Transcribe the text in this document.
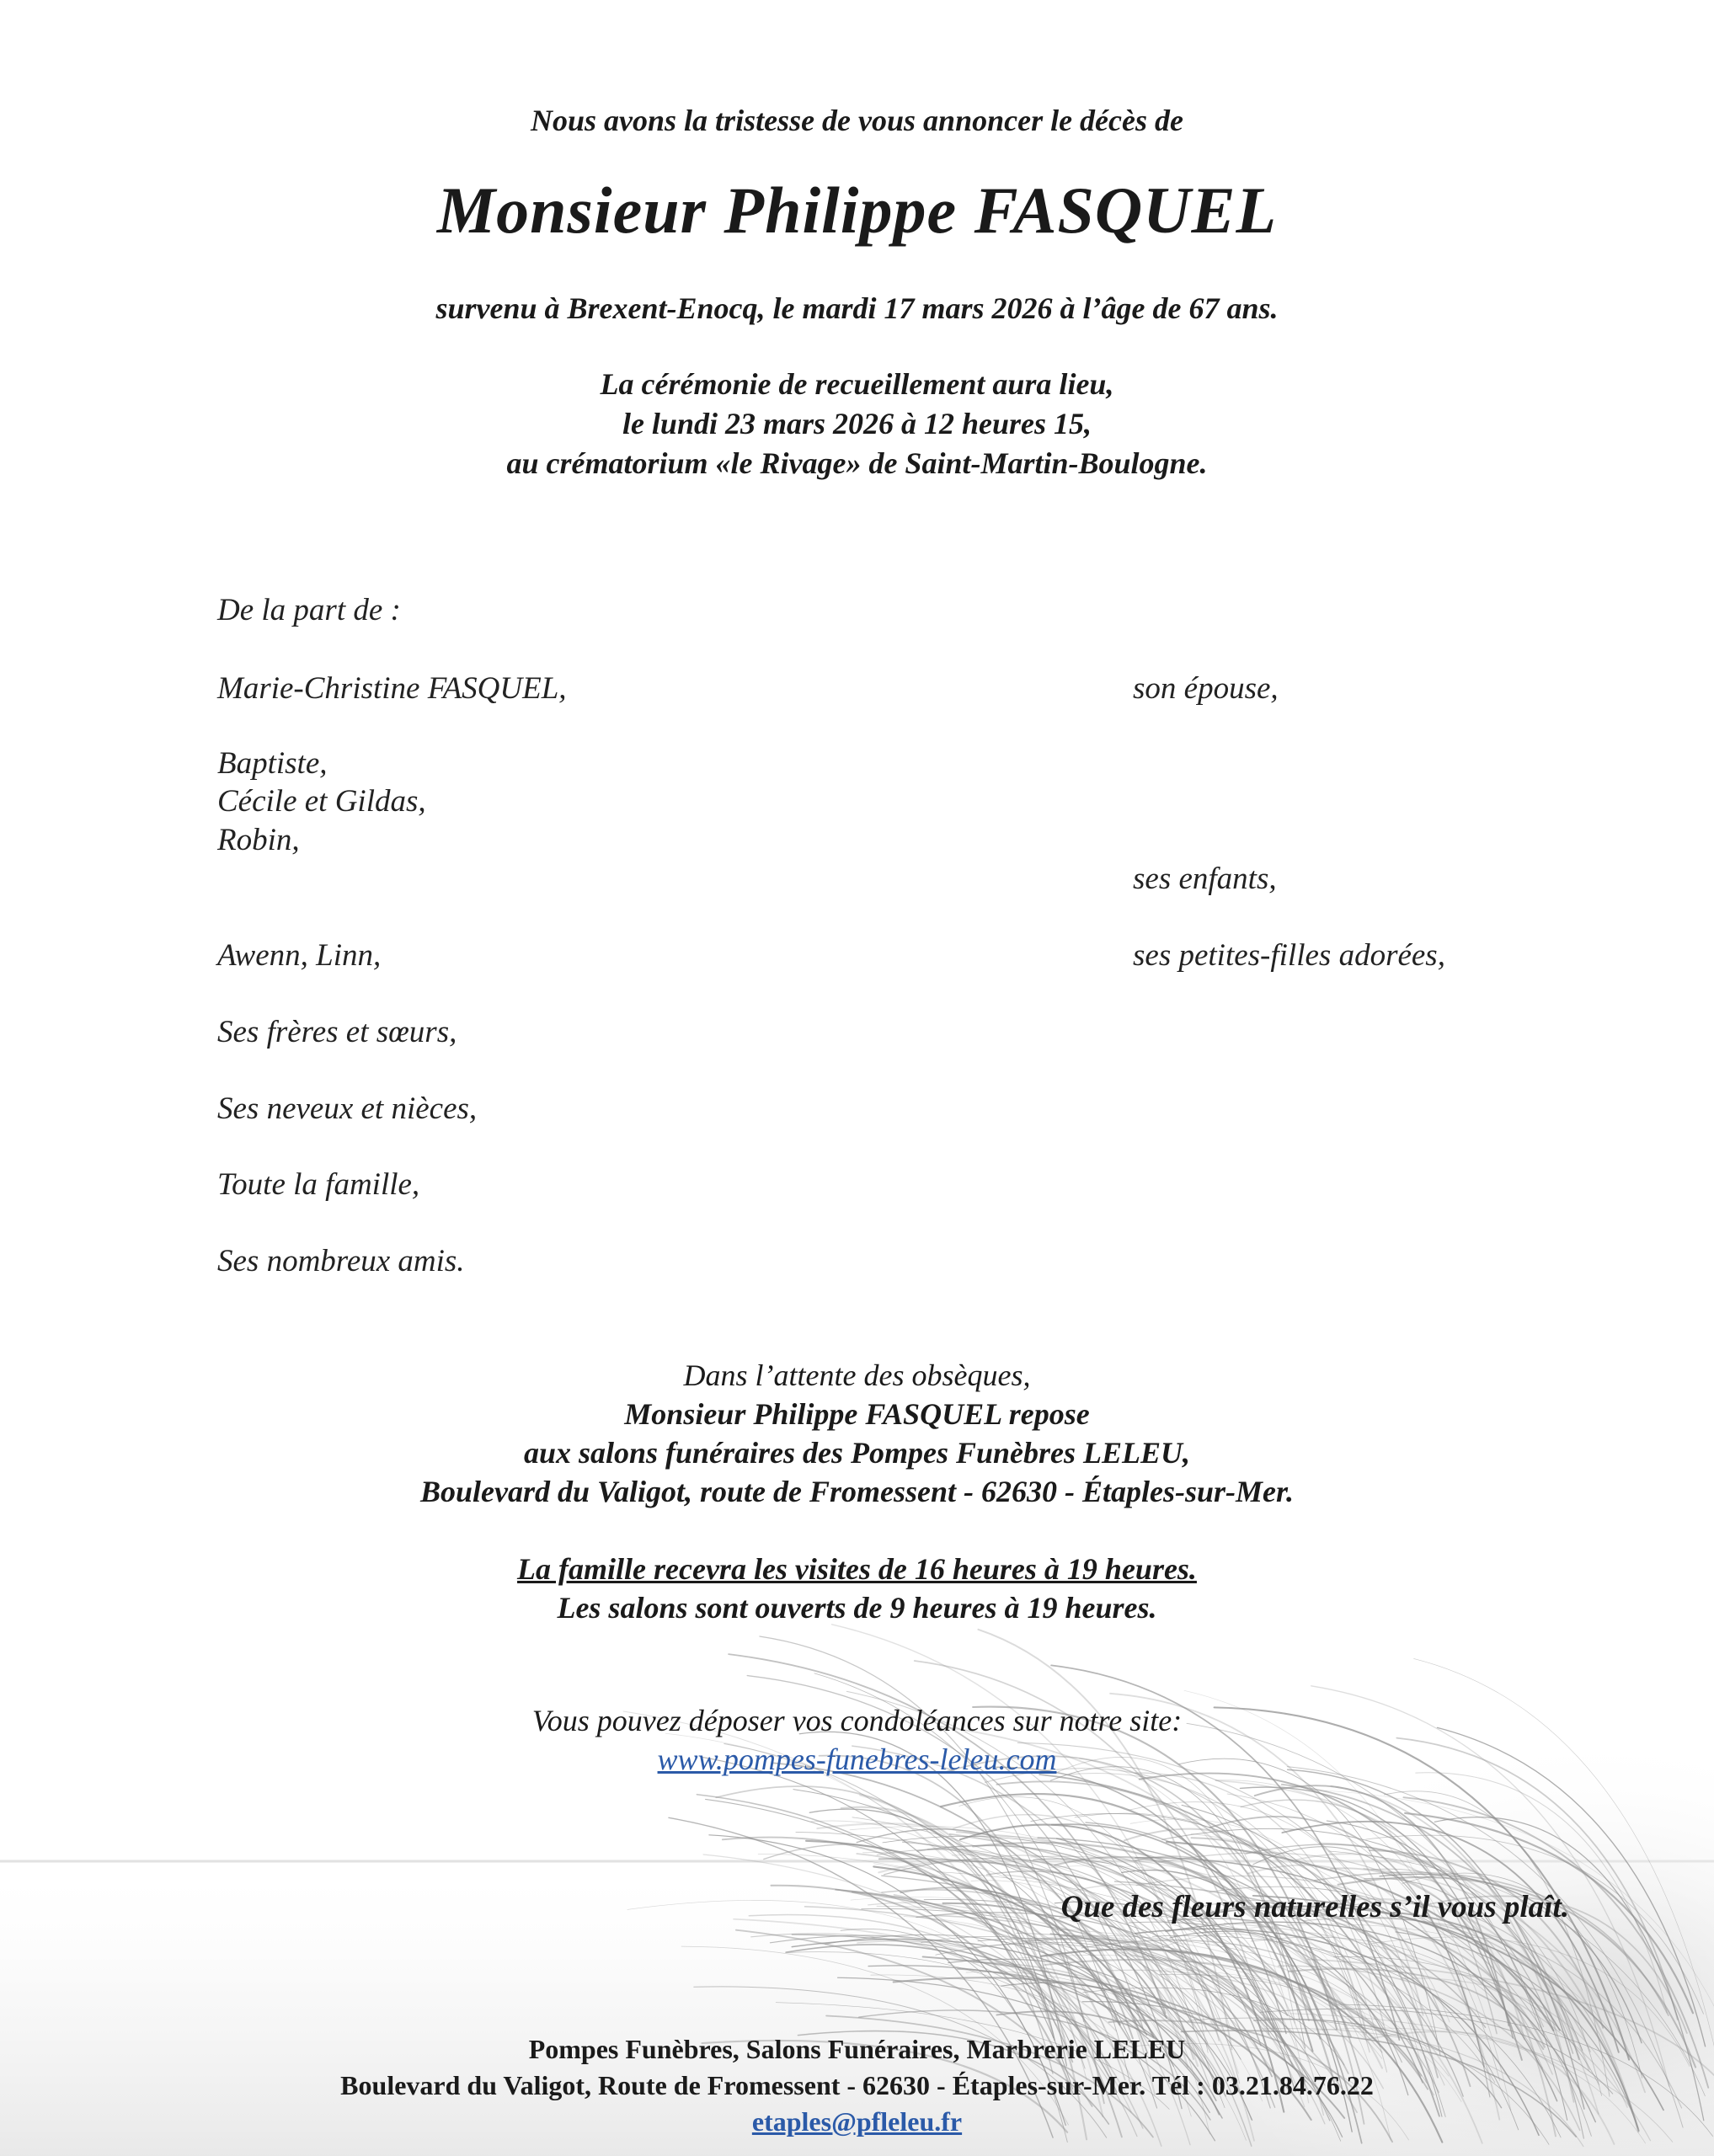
Nous avons la tristesse de vous annoncer le décès de
Monsieur Philippe FASQUEL
survenu à Brexent-Enocq, le mardi 17 mars 2026 à l’âge de 67 ans.
La cérémonie de recueillement aura lieu,
le lundi 23 mars 2026 à 12 heures 15,
au crématorium «le Rivage» de Saint-Martin-Boulogne.
De la part de :
Marie-Christine FASQUEL,	son épouse,
Baptiste,
Cécile et Gildas,
Robin,
ses enfants,
Awenn, Linn,	ses petites-filles adorées,
Ses frères et sœurs,
Ses neveux et nièces,
Toute la famille,
Ses nombreux amis.
Dans l’attente des obsèques,
Monsieur Philippe FASQUEL repose
aux salons funéraires des Pompes Funèbres LELEU,
Boulevard du Valigot, route de Fromessent - 62630 - Étaples-sur-Mer.
La famille recevra les visites de 16 heures à 19 heures.
Les salons sont ouverts de 9 heures à 19 heures.
Vous pouvez déposer vos condoléances sur notre site:
www.pompes-funebres-leleu.com
Que des fleurs naturelles s’il vous plaît.
Pompes Funèbres, Salons Funéraires, Marbrerie LELEU
Boulevard du Valigot, Route de Fromessent - 62630 - Étaples-sur-Mer. Tél : 03.21.84.76.22
etaples@pfleleu.fr
